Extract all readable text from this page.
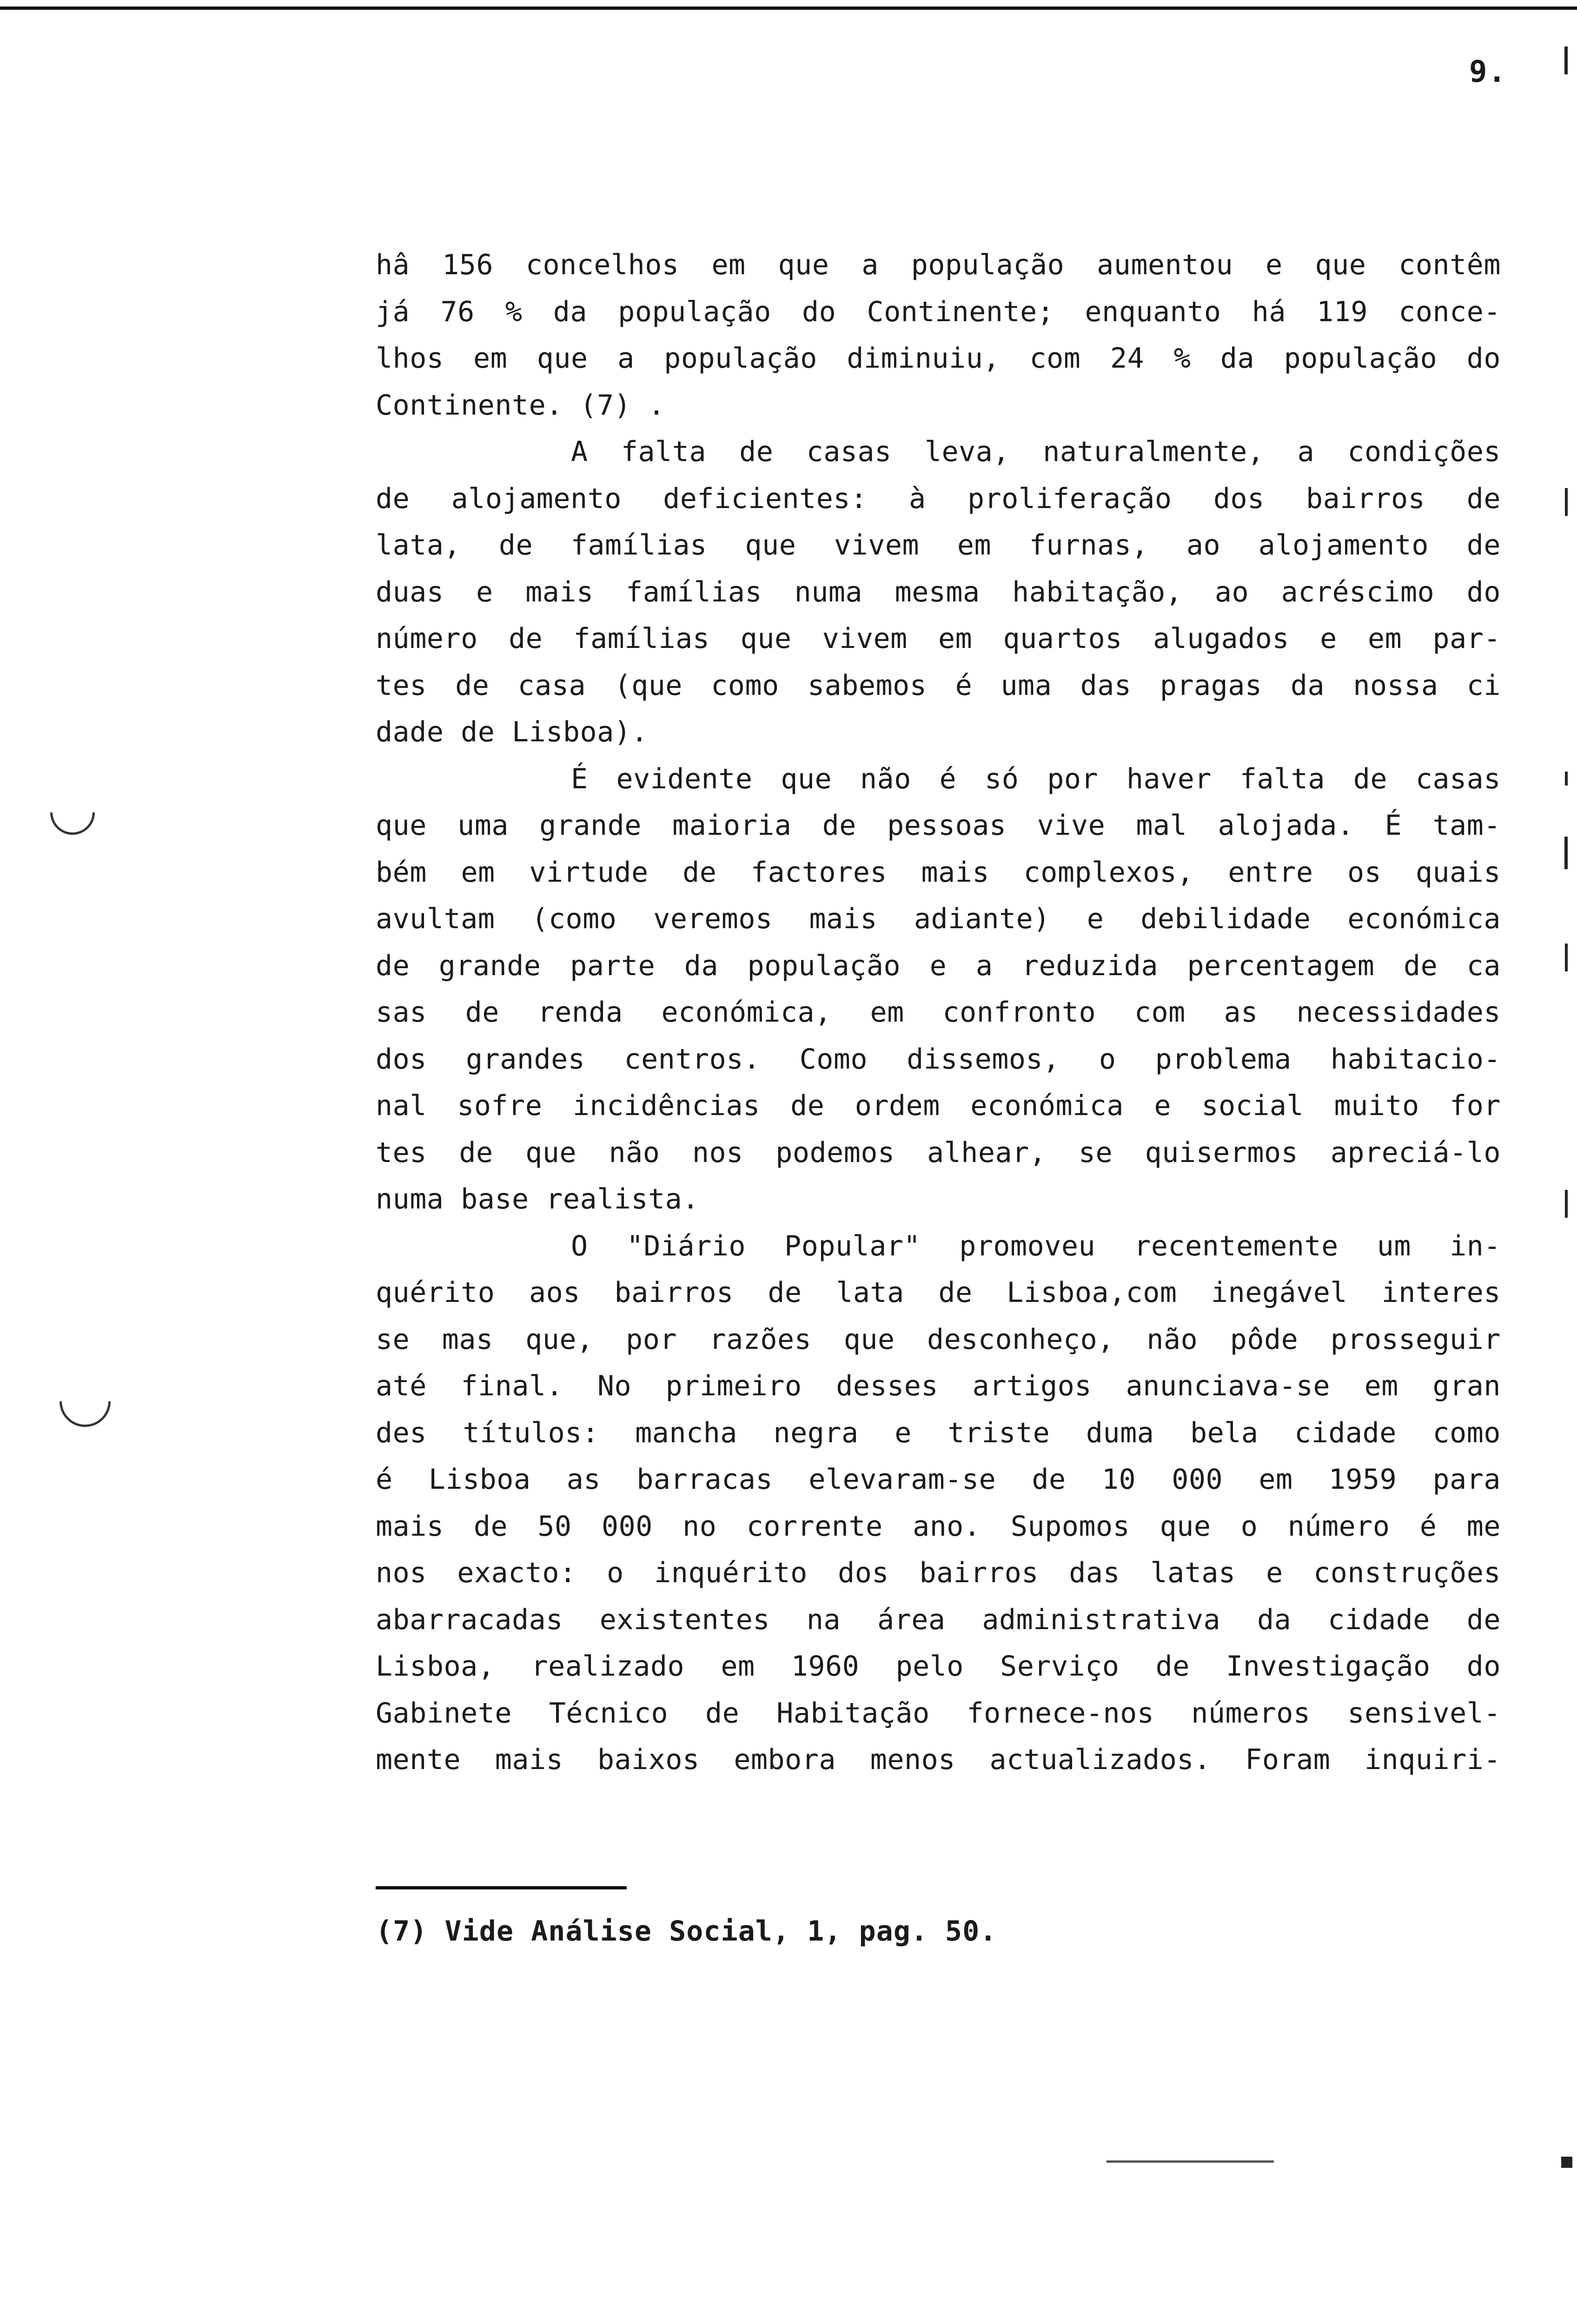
9.
hâ 156 concelhos em que a população aumentou e que contêm
já 76 % da população do Continente; enquanto há 119 conce-
lhos em que a população diminuiu, com 24 % da população do
Continente. (7) .
A falta de casas leva, naturalmente, a condições
de alojamento deficientes: à proliferação dos bairros de
lata, de famílias que vivem em furnas, ao alojamento de
duas e mais famílias numa mesma habitação, ao acréscimo do
número de famílias que vivem em quartos alugados e em par-
tes de casa (que como sabemos é uma das pragas da nossa ci
dade de Lisboa).
É evidente que não é só por haver falta de casas
que uma grande maioria de pessoas vive mal alojada. É tam-
bém em virtude de factores mais complexos, entre os quais
avultam (como veremos mais adiante) e debilidade económica
de grande parte da população e a reduzida percentagem de ca
sas de renda económica, em confronto com as necessidades
dos grandes centros. Como dissemos, o problema habitacio-
nal sofre incidências de ordem económica e social muito for
tes de que não nos podemos alhear, se quisermos apreciá-lo
numa base realista.
O "Diário Popular" promoveu recentemente um in-
quérito aos bairros de lata de Lisboa,com inegável interes
se mas que, por razões que desconheço, não pôde prosseguir
até final. No primeiro desses artigos anunciava-se em gran
des títulos: mancha negra e triste duma bela cidade como
é Lisboa as barracas elevaram-se de 10 000 em 1959 para
mais de 50 000 no corrente ano. Supomos que o número é me
nos exacto: o inquérito dos bairros das latas e construções
abarracadas existentes na área administrativa da cidade de
Lisboa, realizado em 1960 pelo Serviço de Investigação do
Gabinete Técnico de Habitação fornece-nos números sensivel-
mente mais baixos embora menos actualizados. Foram inquiri-
(7) Vide Análise Social, 1, pag. 50.
